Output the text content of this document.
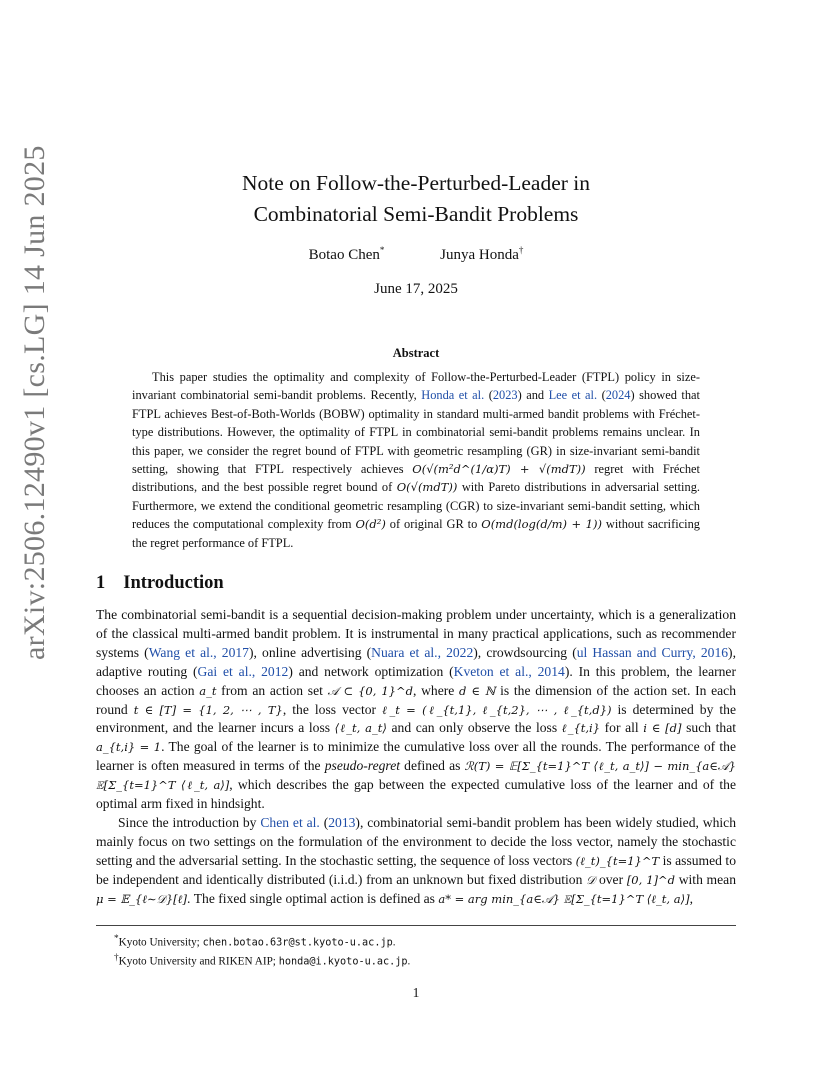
arXiv:2506.12490v1 [cs.LG] 14 Jun 2025	Note on Follow-the-Perturbed-Leader in
Combinatorial Semi-Bandit Problems
Botao Chen*	Junya Honda†
June 17, 2025
Abstract

This paper studies the optimality and complexity of Follow-the-Perturbed-Leader (FTPL) policy in size-invariant combinatorial semi-bandit problems. Recently, Honda et al. (2023) and Lee et al. (2024) showed that FTPL achieves Best-of-Both-Worlds (BOBW) optimality in standard multi-armed bandit problems with Fréchet-type distributions. However, the optimality of FTPL in combinatorial semi-bandit problems remains unclear. In this paper, we consider the regret bound of FTPL with geometric resampling (GR) in size-invariant semi-bandit setting, showing that FTPL respectively achieves O(√(m²d^(1/α)T) + √(mdT)) regret with Fréchet distributions, and the best possible regret bound of O(√(mdT)) with Pareto distributions in adversarial setting. Furthermore, we extend the conditional geometric resampling (CGR) to size-invariant semi-bandit setting, which reduces the computational complexity from O(d²) of original GR to O(md(log(d/m) + 1)) without sacrificing the regret performance of FTPL.

1 Introduction

The combinatorial semi-bandit is a sequential decision-making problem under uncertainty, which is a generalization of the classical multi-armed bandit problem. It is instrumental in many practical applications, such as recommender systems (Wang et al., 2017), online advertising (Nuara et al., 2022), crowdsourcing (ul Hassan and Curry, 2016), adaptive routing (Gai et al., 2012) and network optimization (Kveton et al., 2014). In this problem, the learner chooses an action a_t from an action set 𝒜 ⊂ {0, 1}^d, where d ∈ ℕ is the dimension of the action set. In each round t ∈ [T] = {1, 2, ⋯ , T}, the loss vector ℓ_t = (ℓ_{t,1}, ℓ_{t,2}, ⋯ , ℓ_{t,d}) is determined by the environment, and the learner incurs a loss ⟨ℓ_t, a_t⟩ and can only observe the loss ℓ_{t,i} for all i ∈ [d] such that a_{t,i} = 1. The goal of the learner is to minimize the cumulative loss over all the rounds. The performance of the learner is often measured in terms of the pseudo-regret defined as ℛ(T) = 𝔼[Σ_{t=1}^T ⟨ℓ_t, a_t⟩] − min_{a∈𝒜} 𝔼[Σ_{t=1}^T ⟨ℓ_t, a⟩], which describes the gap between the expected cumulative loss of the learner and of the optimal arm fixed in hindsight.

Since the introduction by Chen et al. (2013), combinatorial semi-bandit problem has been widely studied, which mainly focus on two settings on the formulation of the environment to decide the loss vector, namely the stochastic setting and the adversarial setting. In the stochastic setting, the sequence of loss vectors (ℓ_t)_{t=1}^T is assumed to be independent and identically distributed (i.i.d.) from an unknown but fixed distribution 𝒟 over [0, 1]^d with mean μ = 𝔼_{ℓ∼𝒟}[ℓ]. The fixed single optimal action is defined as a* = arg min_{a∈𝒜} 𝔼[Σ_{t=1}^T ⟨ℓ_t, a⟩],

*Kyoto University; chen.botao.63r@st.kyoto-u.ac.jp.
†Kyoto University and RIKEN AIP; honda@i.kyoto-u.ac.jp.
1
